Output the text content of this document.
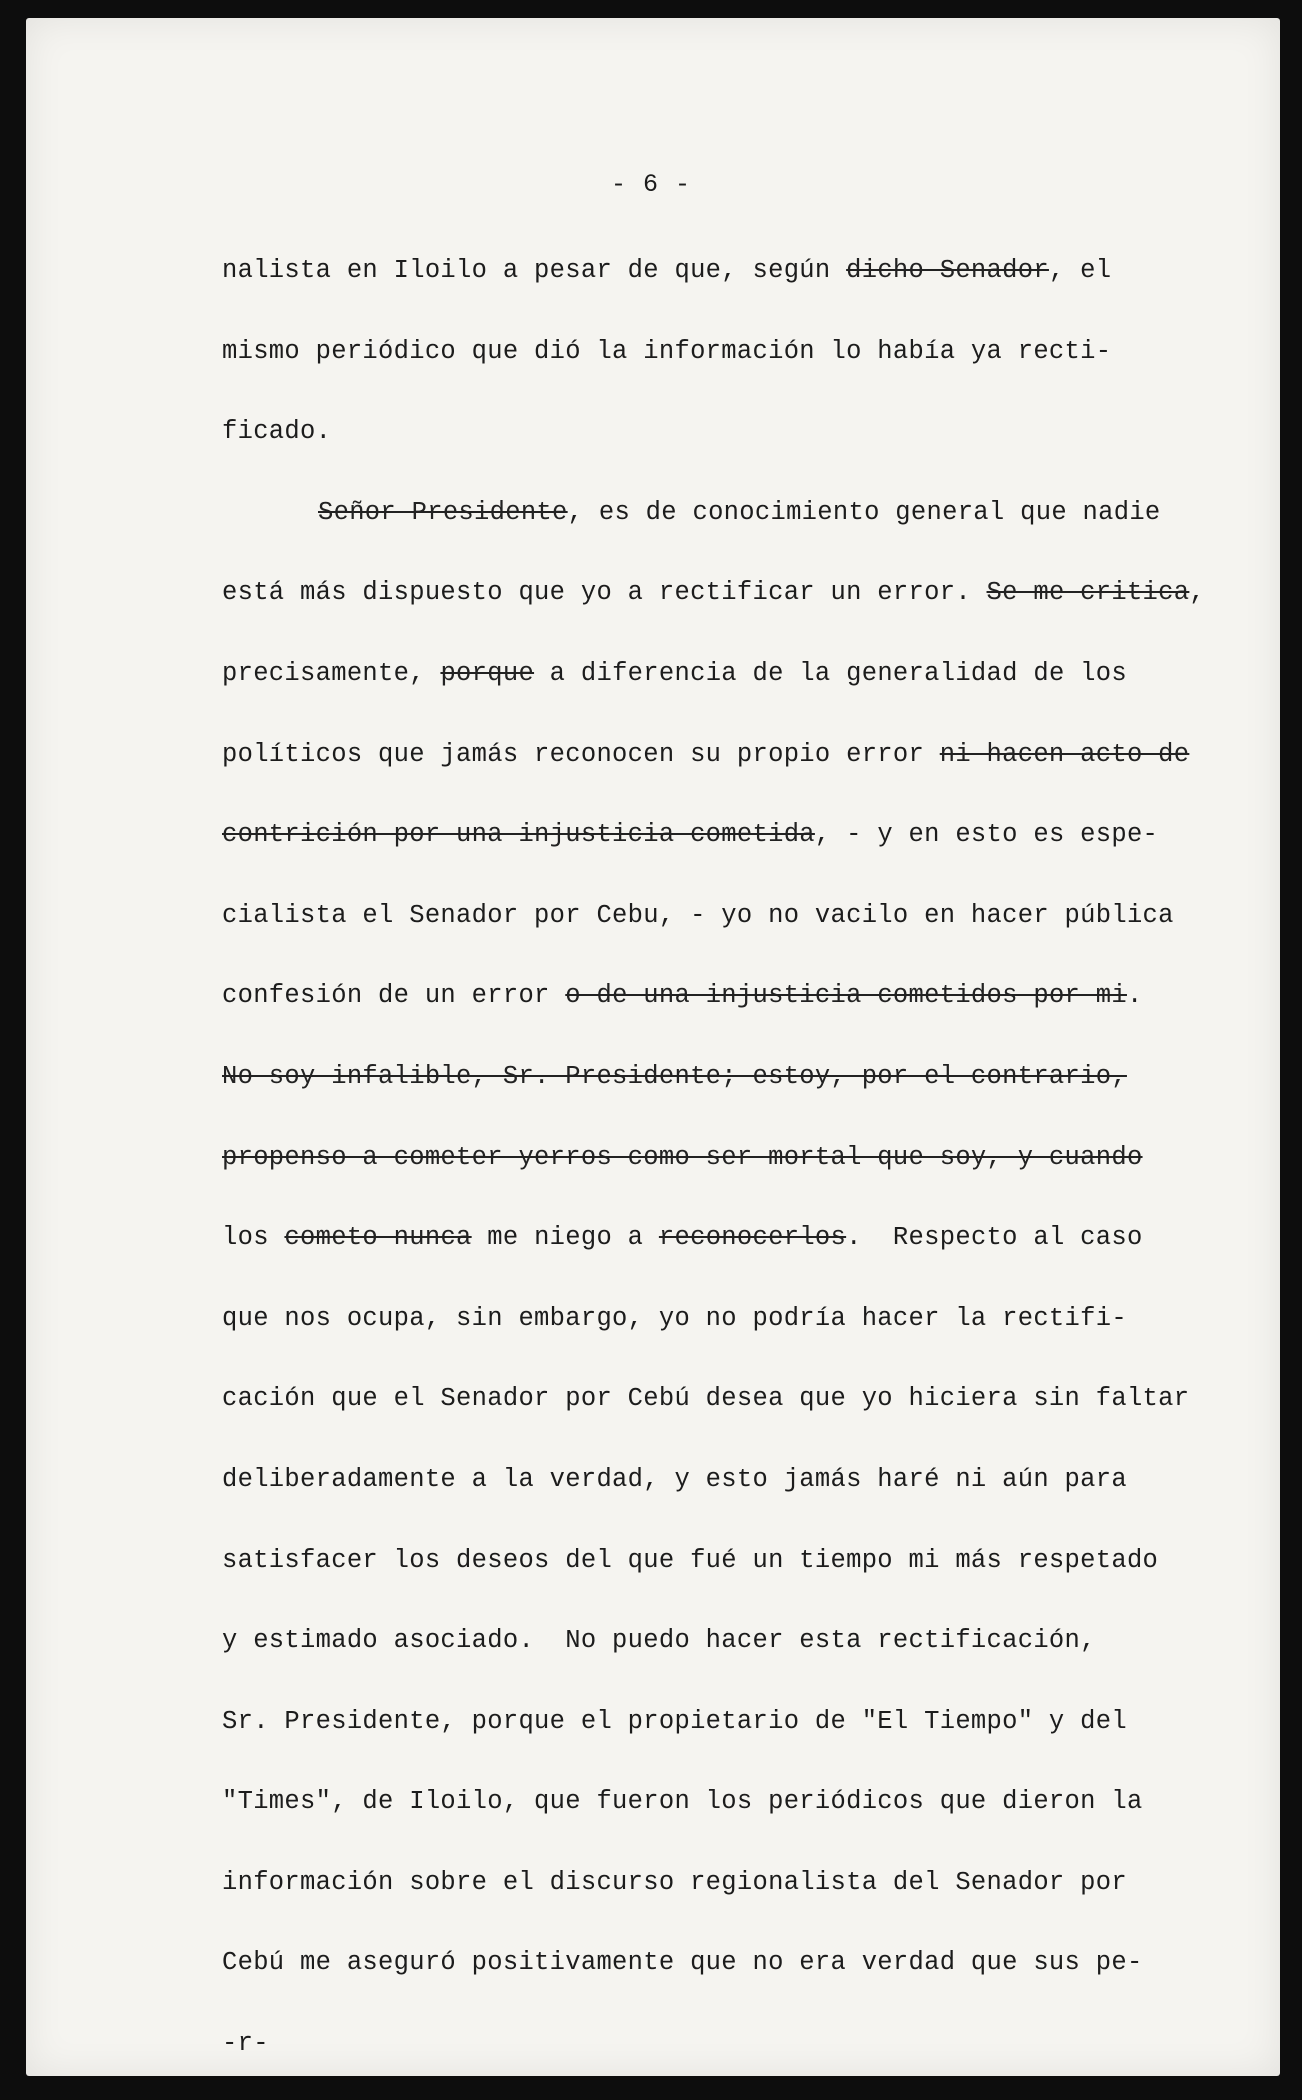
- 6 -
nalista en Iloilo a pesar de que, según dicho Senador, el
mismo periódico que dió la información lo había ya recti-
ficado.
Señor Presidente, es de conocimiento general que nadie
está más dispuesto que yo a rectificar un error. Se me critica,
precisamente, porque a diferencia de la generalidad de los
políticos que jamás reconocen su propio error ni hacen acto de
contrición por una injusticia cometida, - y en esto es espe-
cialista el Senador por Cebu, - yo no vacilo en hacer pública
confesión de un error o de una injusticia cometidos por mi.
No soy infalible, Sr. Presidente; estoy, por el contrario,
propenso a cometer yerros como ser mortal que soy, y cuando
los cometo nunca me niego a reconocerlos.  Respecto al caso
que nos ocupa, sin embargo, yo no podría hacer la rectifi-
cación que el Senador por Cebú desea que yo hiciera sin faltar
deliberadamente a la verdad, y esto jamás haré ni aún para
satisfacer los deseos del que fué un tiempo mi más respetado
y estimado asociado.  No puedo hacer esta rectificación,
Sr. Presidente, porque el propietario de "El Tiempo" y del
"Times", de Iloilo, que fueron los periódicos que dieron la
información sobre el discurso regionalista del Senador por
Cebú me aseguró positivamente que no era verdad que sus pe-
-r-
